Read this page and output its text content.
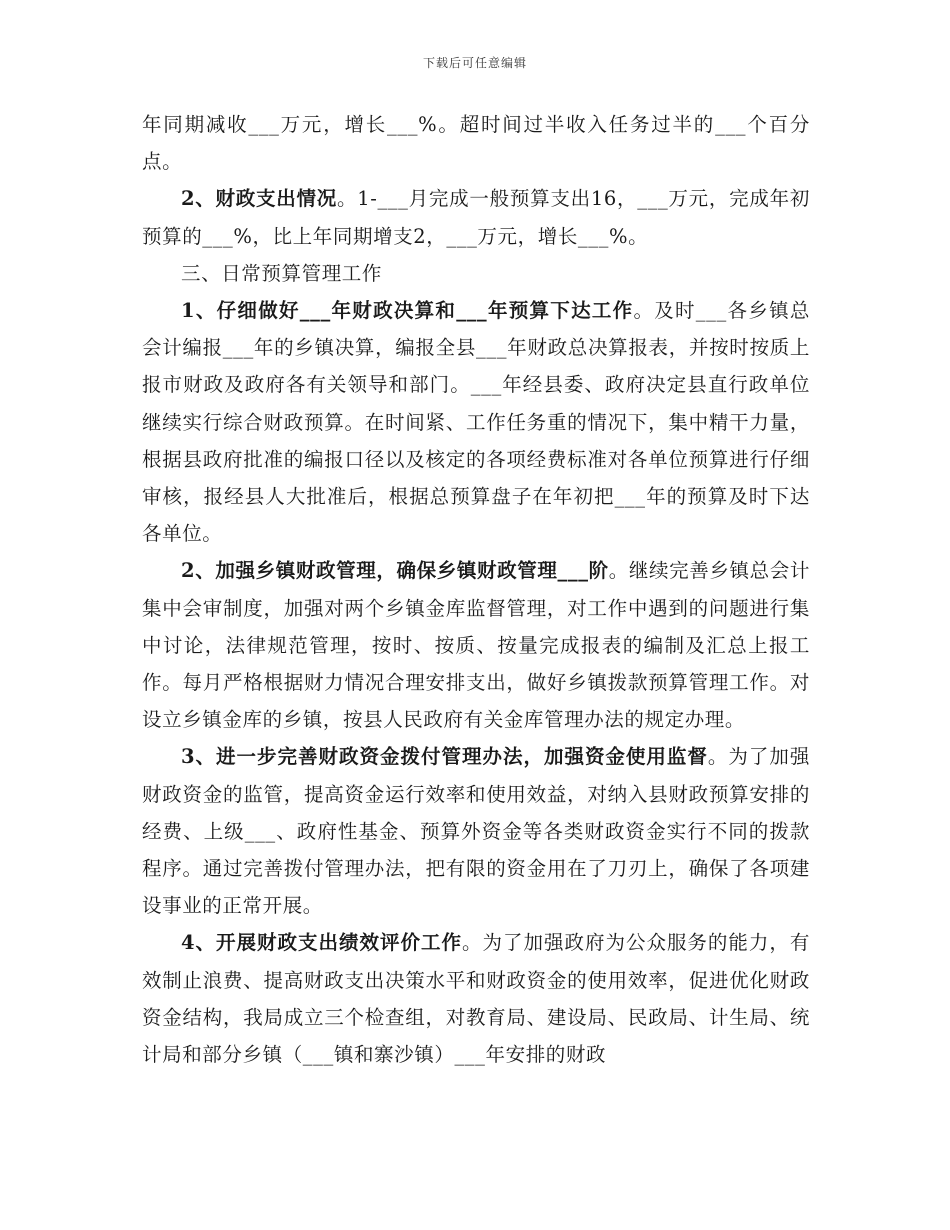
下载后可任意编辑

年同期减收___万元，增长___%。超时间过半收入任务过半的___个百分点。

2、财政支出情况。1-___月完成一般预算支出16，___万元，完成年初预算的___%，比上年同期增支2，___万元，增长___%。

三、日常预算管理工作

1、仔细做好___年财政决算和___年预算下达工作。及时___各乡镇总会计编报___年的乡镇决算，编报全县___年财政总决算报表，并按时按质上报市财政及政府各有关领导和部门。___年经县委、政府决定县直行政单位继续实行综合财政预算。在时间紧、工作任务重的情况下，集中精干力量，根据县政府批准的编报口径以及核定的各项经费标准对各单位预算进行仔细审核，报经县人大批准后，根据总预算盘子在年初把___年的预算及时下达各单位。

2、加强乡镇财政管理，确保乡镇财政管理___阶。继续完善乡镇总会计集中会审制度，加强对两个乡镇金库监督管理，对工作中遇到的问题进行集中讨论，法律规范管理，按时、按质、按量完成报表的编制及汇总上报工作。每月严格根据财力情况合理安排支出，做好乡镇拨款预算管理工作。对设立乡镇金库的乡镇，按县人民政府有关金库管理办法的规定办理。

3、进一步完善财政资金拨付管理办法，加强资金使用监督。为了加强财政资金的监管，提高资金运行效率和使用效益，对纳入县财政预算安排的经费、上级___、政府性基金、预算外资金等各类财政资金实行不同的拨款程序。通过完善拨付管理办法，把有限的资金用在了刀刃上，确保了各项建设事业的正常开展。

4、开展财政支出绩效评价工作。为了加强政府为公众服务的能力，有效制止浪费、提高财政支出决策水平和财政资金的使用效率，促进优化财政资金结构，我局成立三个检查组，对教育局、建设局、民政局、计生局、统计局和部分乡镇（___镇和寨沙镇）___年安排的财政
